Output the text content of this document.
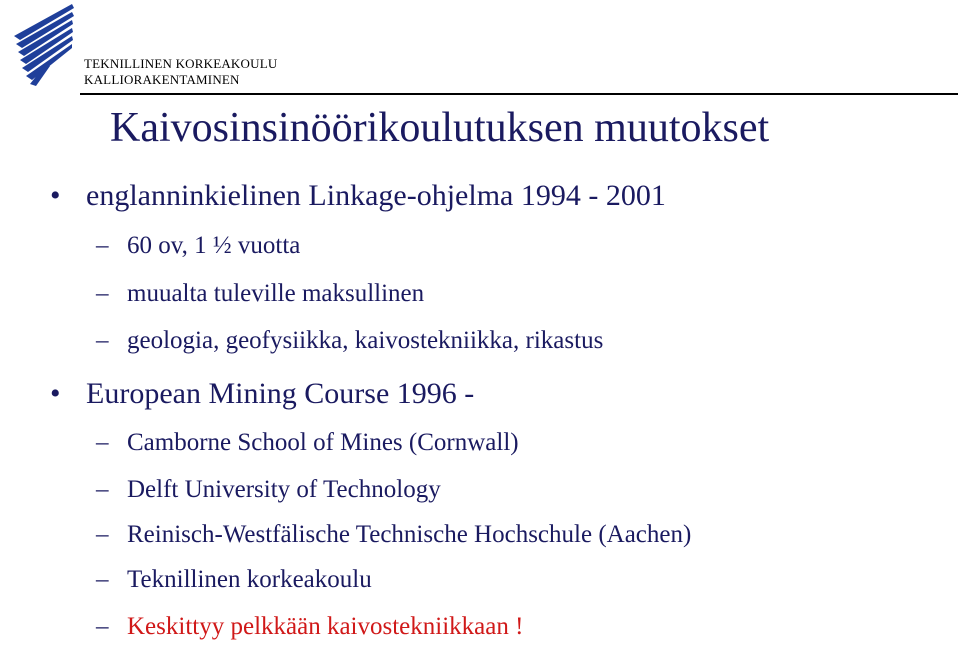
TEKNILLINEN KORKEAKOULU
KALLIORAKENTAMINEN
Kaivosinsinöörikoulutuksen muutokset
• englanninkielinen Linkage-ohjelma 1994 - 2001
– 60 ov, 1 ½ vuotta
– muualta tuleville maksullinen
– geologia, geofysiikka, kaivostekniikka, rikastus
• European Mining Course 1996 -
– Camborne School of Mines (Cornwall)
– Delft University of Technology
– Reinisch-Westfälische Technische Hochschule (Aachen)
– Teknillinen korkeakoulu
– Keskittyy pelkkään kaivostekniikkaan !
